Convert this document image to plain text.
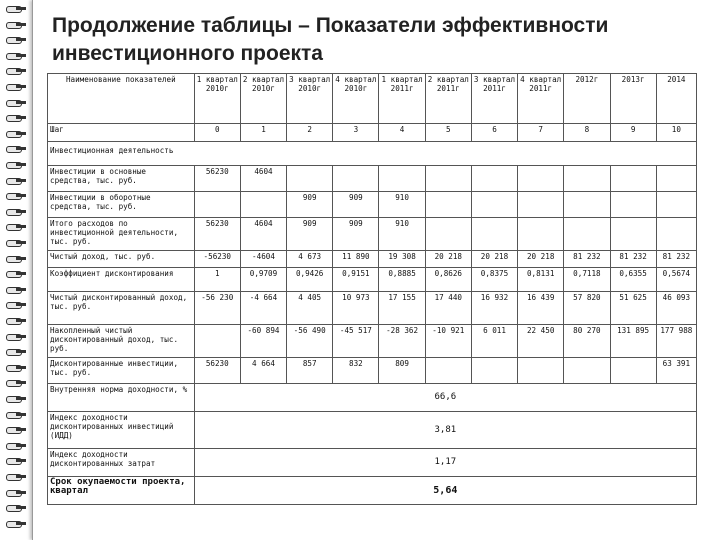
Продолжение таблицы – Показатели эффективности инвестиционного проекта
Наименование показателей	1 квартал 2010г	2 квартал 2010г	3 квартал 2010г	4 квартал 2010г	1 квартал 2011г	2 квартал 2011г	3 квартал 2011г	4 квартал 2011г	2012г	2013г	2014
Шаг	0	1	2	3	4	5	6	7	8	9	10
Инвестиционная деятельность											
Инвестиции в основные средства, тыс. руб.	56230	4604									
Инвестиции в оборотные средства, тыс. руб.			909	909	910						
Итого расходов по инвестиционной деятельности, тыс. руб.	56230	4604	909	909	910						
Чистый доход, тыс. руб.	-56230	-4604	4 673	11 890	19 308	20 218	20 218	20 218	81 232	81 232	81 232
Коэффициент дисконтирования	1	0,9709	0,9426	0,9151	0,8885	0,8626	0,8375	0,8131	0,7118	0,6355	0,5674
Чистый дисконтированный доход, тыс. руб.	-56 230	-4 664	4 405	10 973	17 155	17 440	16 932	16 439	57 820	51 625	46 093
Накопленный чистый дисконтированный доход, тыс. руб.		-60 894	-56 490	-45 517	-28 362	-10 921	6 011	22 450	80 270	131 895	177 988
Дисконтированные инвестиции, тыс. руб.	56230	4 664	857	832	809						63 391
Внутренняя норма доходности, %	66,6										
Индекс доходности дисконтированных инвестиций (ИДД)	3,81										
Индекс доходности дисконтированных затрат	1,17										
Срок окупаемости проекта, квартал	5,64										
